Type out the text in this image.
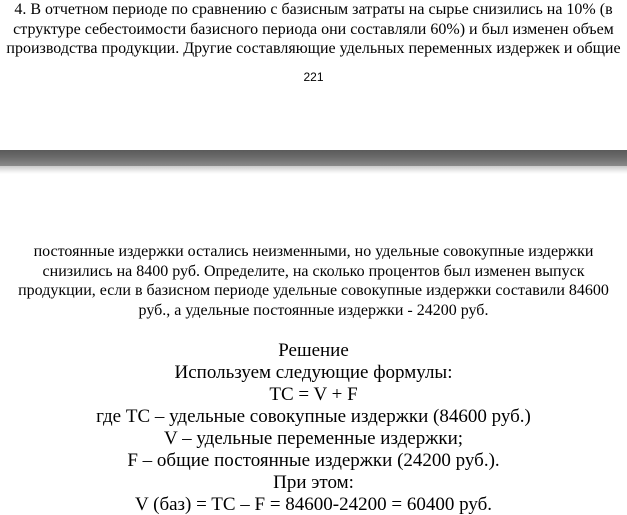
4. В отчетном периоде по сравнению с базисным затраты на сырье снизились на 10% (в
структуре себестоимости базисного периода они составляли 60%) и был изменен объем
производства продукции. Другие составляющие удельных переменных издержек и общие
221
постоянные издержки остались неизменными, но удельные совокупные издержки
снизились на 8400 руб. Определите, на сколько процентов был изменен выпуск
продукции, если в базисном периоде удельные совокупные издержки составили 84600
руб., а удельные постоянные издержки - 24200 руб.
Решение
Используем следующие формулы:
TC = V + F
где TC – удельные совокупные издержки (84600 руб.)
V – удельные переменные издержки;
F – общие постоянные издержки (24200 руб.).
При этом:
V (баз) = TC – F = 84600-24200 = 60400 руб.
